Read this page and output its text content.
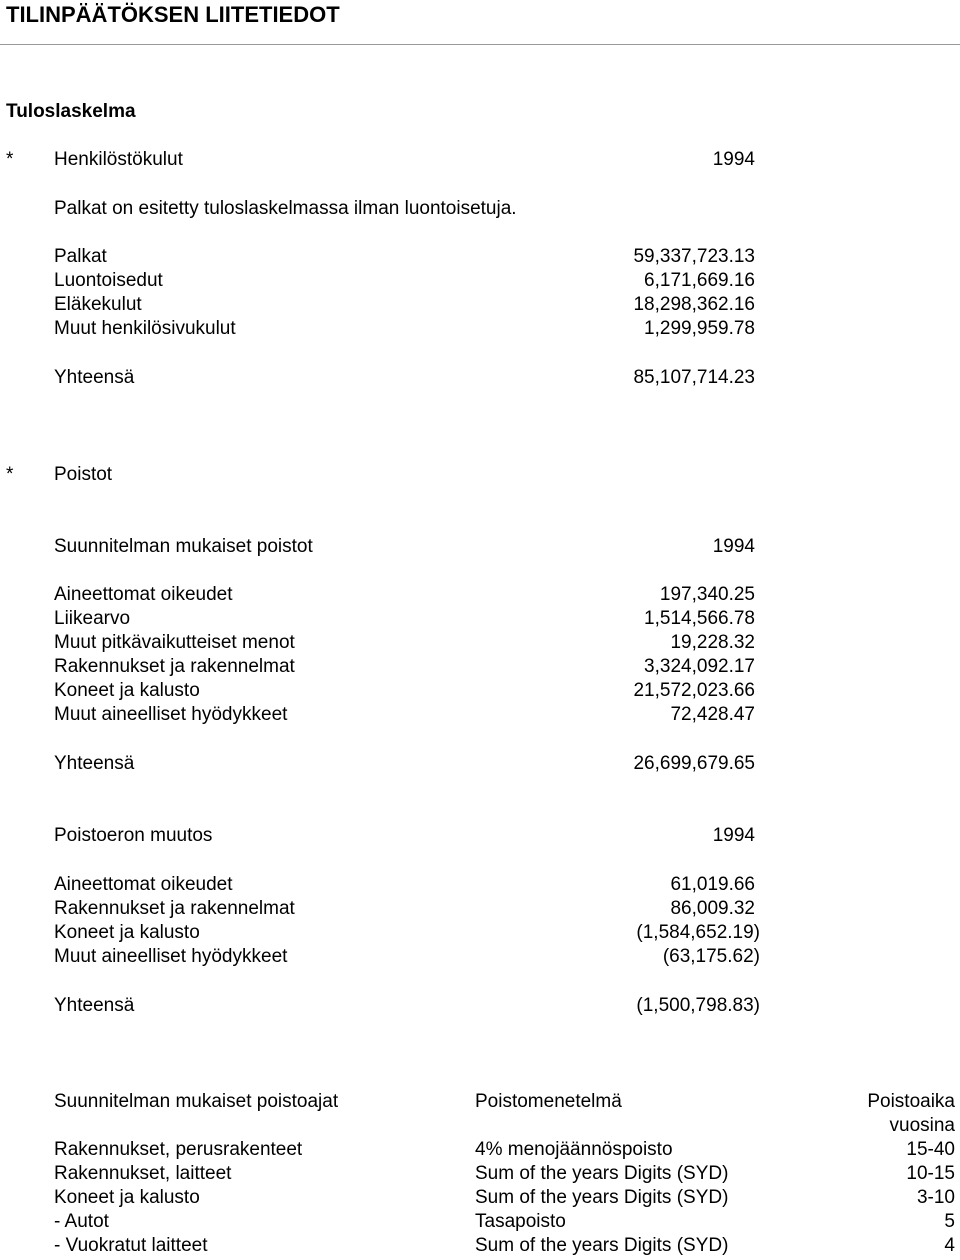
TILINPÄÄTÖKSEN LIITETIEDOT
Tuloslaskelma
* Henkilöstökulut	1994
Palkat on esitetty tuloslaskelmassa ilman luontoisetuja.
Palkat	59,337,723.13
Luontoisedut	6,171,669.16
Eläkekulut	18,298,362.16
Muut henkilösivukulut	1,299,959.78
Yhteensä	85,107,714.23
* Poistot
Suunnitelman mukaiset poistot	1994
Aineettomat oikeudet	197,340.25
Liikearvo	1,514,566.78
Muut pitkävaikutteiset menot	19,228.32
Rakennukset ja rakennelmat	3,324,092.17
Koneet ja kalusto	21,572,023.66
Muut aineelliset hyödykkeet	72,428.47
Yhteensä	26,699,679.65
Poistoeron muutos	1994
Aineettomat oikeudet	61,019.66
Rakennukset ja rakennelmat	86,009.32
Koneet ja kalusto	(1,584,652.19)
Muut aineelliset hyödykkeet	(63,175.62)
Yhteensä	(1,500,798.83)
Suunnitelman mukaiset poistoajat	Poistomenetelmä	Poistoaika
vuosina
Rakennukset, perusrakenteet	4% menojäännöspoisto	15-40
Rakennukset, laitteet	Sum of the years Digits (SYD)	10-15
Koneet ja kalusto	Sum of the years Digits (SYD)	3-10
- Autot	Tasapoisto	5
- Vuokratut laitteet	Sum of the years Digits (SYD)	4
